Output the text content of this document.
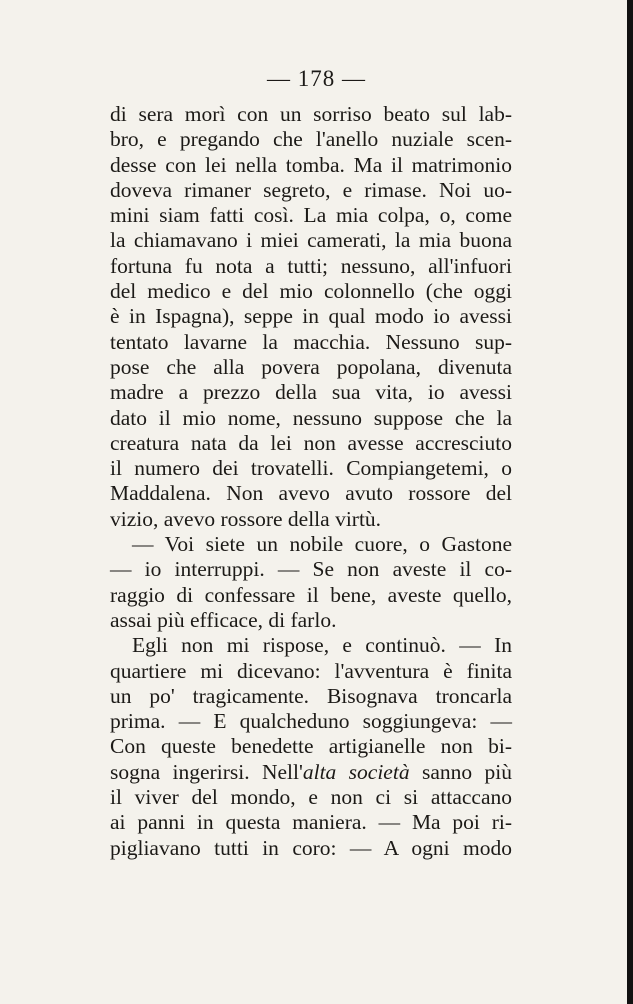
— 178 —
di sera morì con un sorriso beato sul lab-
bro, e pregando che l'anello nuziale scen-
desse con lei nella tomba. Ma il matrimonio
doveva rimaner segreto, e rimase. Noi uo-
mini siam fatti così. La mia colpa, o, come
la chiamavano i miei camerati, la mia buona
fortuna fu nota a tutti; nessuno, all'infuori
del medico e del mio colonnello (che oggi
è in Ispagna), seppe in qual modo io avessi
tentato lavarne la macchia. Nessuno sup-
pose che alla povera popolana, divenuta
madre a prezzo della sua vita, io avessi
dato il mio nome, nessuno suppose che la
creatura nata da lei non avesse accresciuto
il numero dei trovatelli. Compiangetemi, o
Maddalena. Non avevo avuto rossore del
vizio, avevo rossore della virtù.
— Voi siete un nobile cuore, o Gastone
— io interruppi. — Se non aveste il co-
raggio di confessare il bene, aveste quello,
assai più efficace, di farlo.
Egli non mi rispose, e continuò. — In
quartiere mi dicevano: l'avventura è finita
un po' tragicamente. Bisognava troncarla
prima. — E qualcheduno soggiungeva: —
Con queste benedette artigianelle non bi-
sogna ingerirsi. Nell'alta società sanno più
il viver del mondo, e non ci si attaccano
ai panni in questa maniera. — Ma poi ri-
pigliavano tutti in coro: — A ogni modo
